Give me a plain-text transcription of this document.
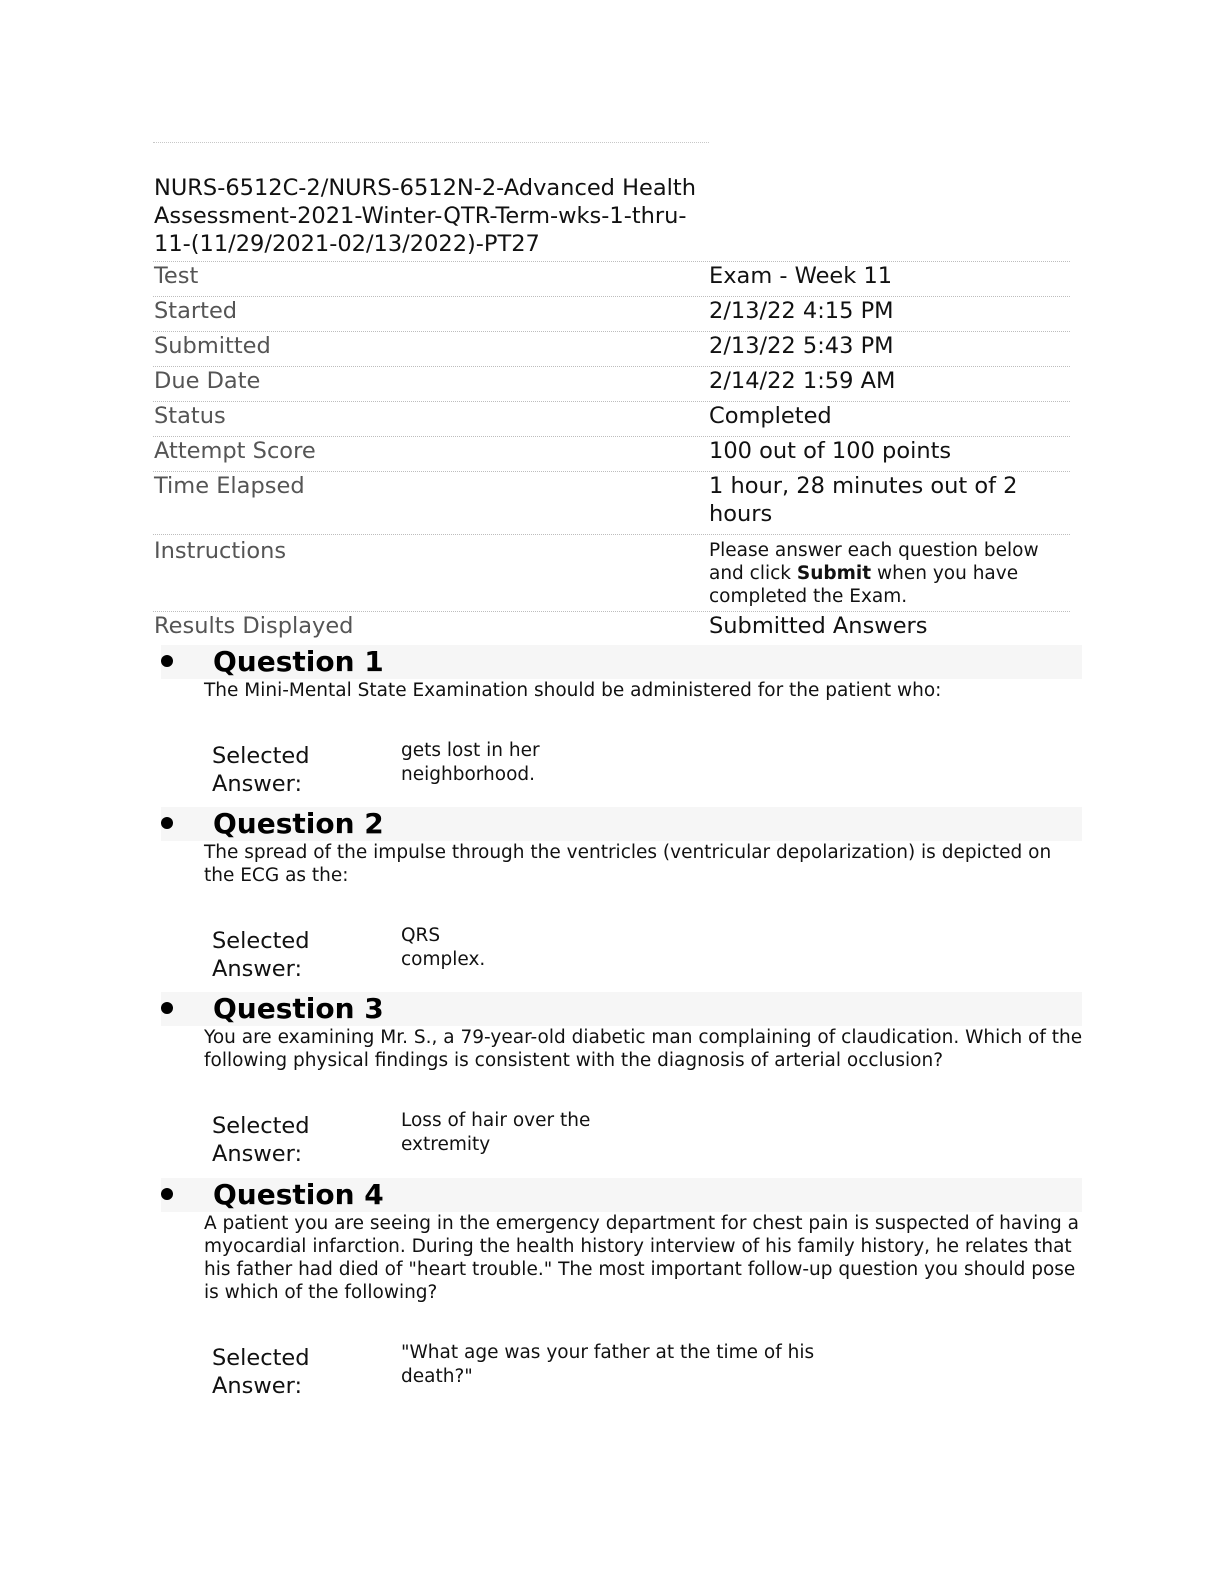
NURS-6512C-2/NURS-6512N-2-Advanced Health Assessment-2021-Winter-QTR-Term-wks-1-thru-11-(11/29/2021-02/13/2022)-PT27
Test	Exam - Week 11
Started	2/13/22 4:15 PM
Submitted	2/13/22 5:43 PM
Due Date	2/14/22 1:59 AM
Status	Completed
Attempt Score	100 out of 100 points
Time Elapsed	1 hour, 28 minutes out of 2 hours
Instructions	Please answer each question below and click Submit when you have completed the Exam.
Results Displayed	Submitted Answers
Question 1
The Mini-Mental State Examination should be administered for the patient who:
Selected Answer:
gets lost in her neighborhood.
Question 2
The spread of the impulse through the ventricles (ventricular depolarization) is depicted on the ECG as the:
Selected Answer:
QRS complex.
Question 3
You are examining Mr. S., a 79-year-old diabetic man complaining of claudication. Which of the following physical findings is consistent with the diagnosis of arterial occlusion?
Selected Answer:
Loss of hair over the extremity
Question 4
A patient you are seeing in the emergency department for chest pain is suspected of having a myocardial infarction. During the health history interview of his family history, he relates that his father had died of "heart trouble." The most important follow-up question you should pose is which of the following?
Selected Answer:
"What age was your father at the time of his death?"
